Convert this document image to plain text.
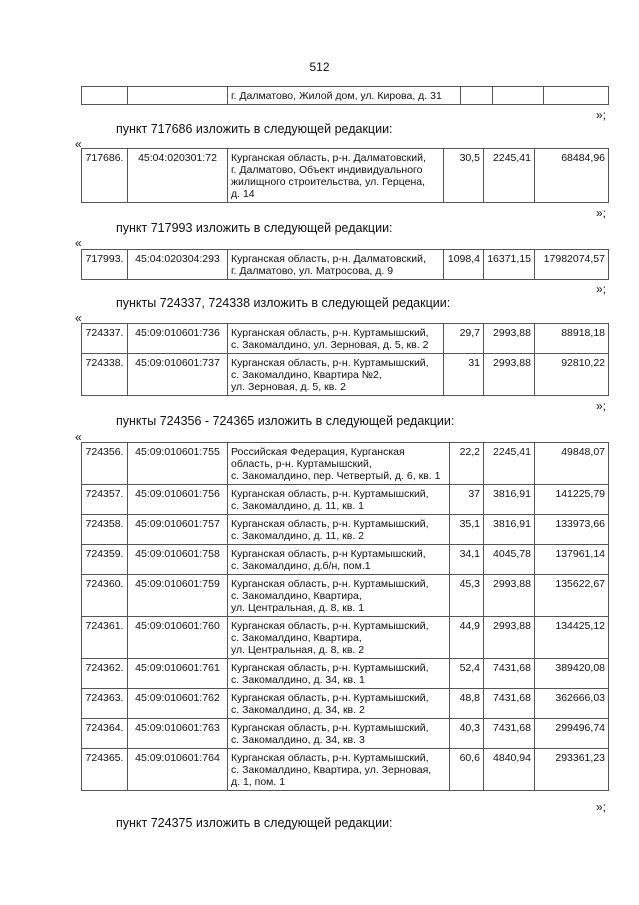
512
		г. Далматово, Жилой дом, ул. Кирова, д. 31			
»;
пункт 717686 изложить в следующей редакции:
«
717686.	45:04:020301:72	Курганская область, р-н. Далматовский,
г. Далматово, Объект индивидуального
жилищного строительства, ул. Герцена,
д. 14
	30,5	2245,41	68484,96
»;
пункт 717993 изложить в следующей редакции:
«
717993.	45:04:020304:293	Курганская область, р-н. Далматовский,
г. Далматово, ул. Матросова, д. 9
	1098,4	16371,15	17982074,57
»;
пункты 724337, 724338 изложить в следующей редакции:
«
724337.	45:09:010601:736	Курганская область, р-н. Куртамышский,
с. Закомалдино, ул. Зерновая, д. 5, кв. 2	29,7	2993,88	88918,18
724338.	45:09:010601:737	Курганская область, р-н. Куртамышский,
с. Закомалдино, Квартира №2,
ул. Зерновая, д. 5, кв. 2	31	2993,88	92810,22
»;
пункты 724356 - 724365 изложить в следующей редакции:
«
724356.	45:09:010601:755	Российская Федерация, Курганская
область, р-н. Куртамышский,
с. Закомалдино, пер. Четвертый, д. 6, кв. 1	22,2	2245,41	49848,07
724357.	45:09:010601:756	Курганская область, р-н. Куртамышский,
с. Закомалдино, д. 11, кв. 1	37	3816,91	141225,79
724358.	45:09:010601:757	Курганская область, р-н. Куртамышский,
с. Закомалдино, д. 11, кв. 2	35,1	3816,91	133973,66
724359.	45:09:010601:758	Курганская область, р-н Куртамышский,
с. Закомалдино, д.б/н, пом.1	34,1	4045,78	137961,14
724360.	45:09:010601:759	Курганская область, р-н. Куртамышский,
с. Закомалдино, Квартира,
ул. Центральная, д. 8, кв. 1	45,3	2993,88	135622,67
724361.	45:09:010601:760	Курганская область, р-н. Куртамышский,
с. Закомалдино, Квартира,
ул. Центральная, д. 8, кв. 2	44,9	2993,88	134425,12
724362.	45:09:010601:761	Курганская область, р-н. Куртамышский,
с. Закомалдино, д. 34, кв. 1	52,4	7431,68	389420,08
724363.	45:09:010601:762	Курганская область, р-н. Куртамышский,
с. Закомалдино, д. 34, кв. 2	48,8	7431,68	362666,03
724364.	45:09:010601:763	Курганская область, р-н. Куртамышский,
с. Закомалдино, д. 34, кв. 3	40,3	7431,68	299496,74
724365.	45:09:010601:764	Курганская область, р-н. Куртамышский,
с. Закомалдино, Квартира, ул. Зерновая,
д. 1, пом. 1	60,6	4840,94	293361,23
»;
пункт 724375 изложить в следующей редакции:
